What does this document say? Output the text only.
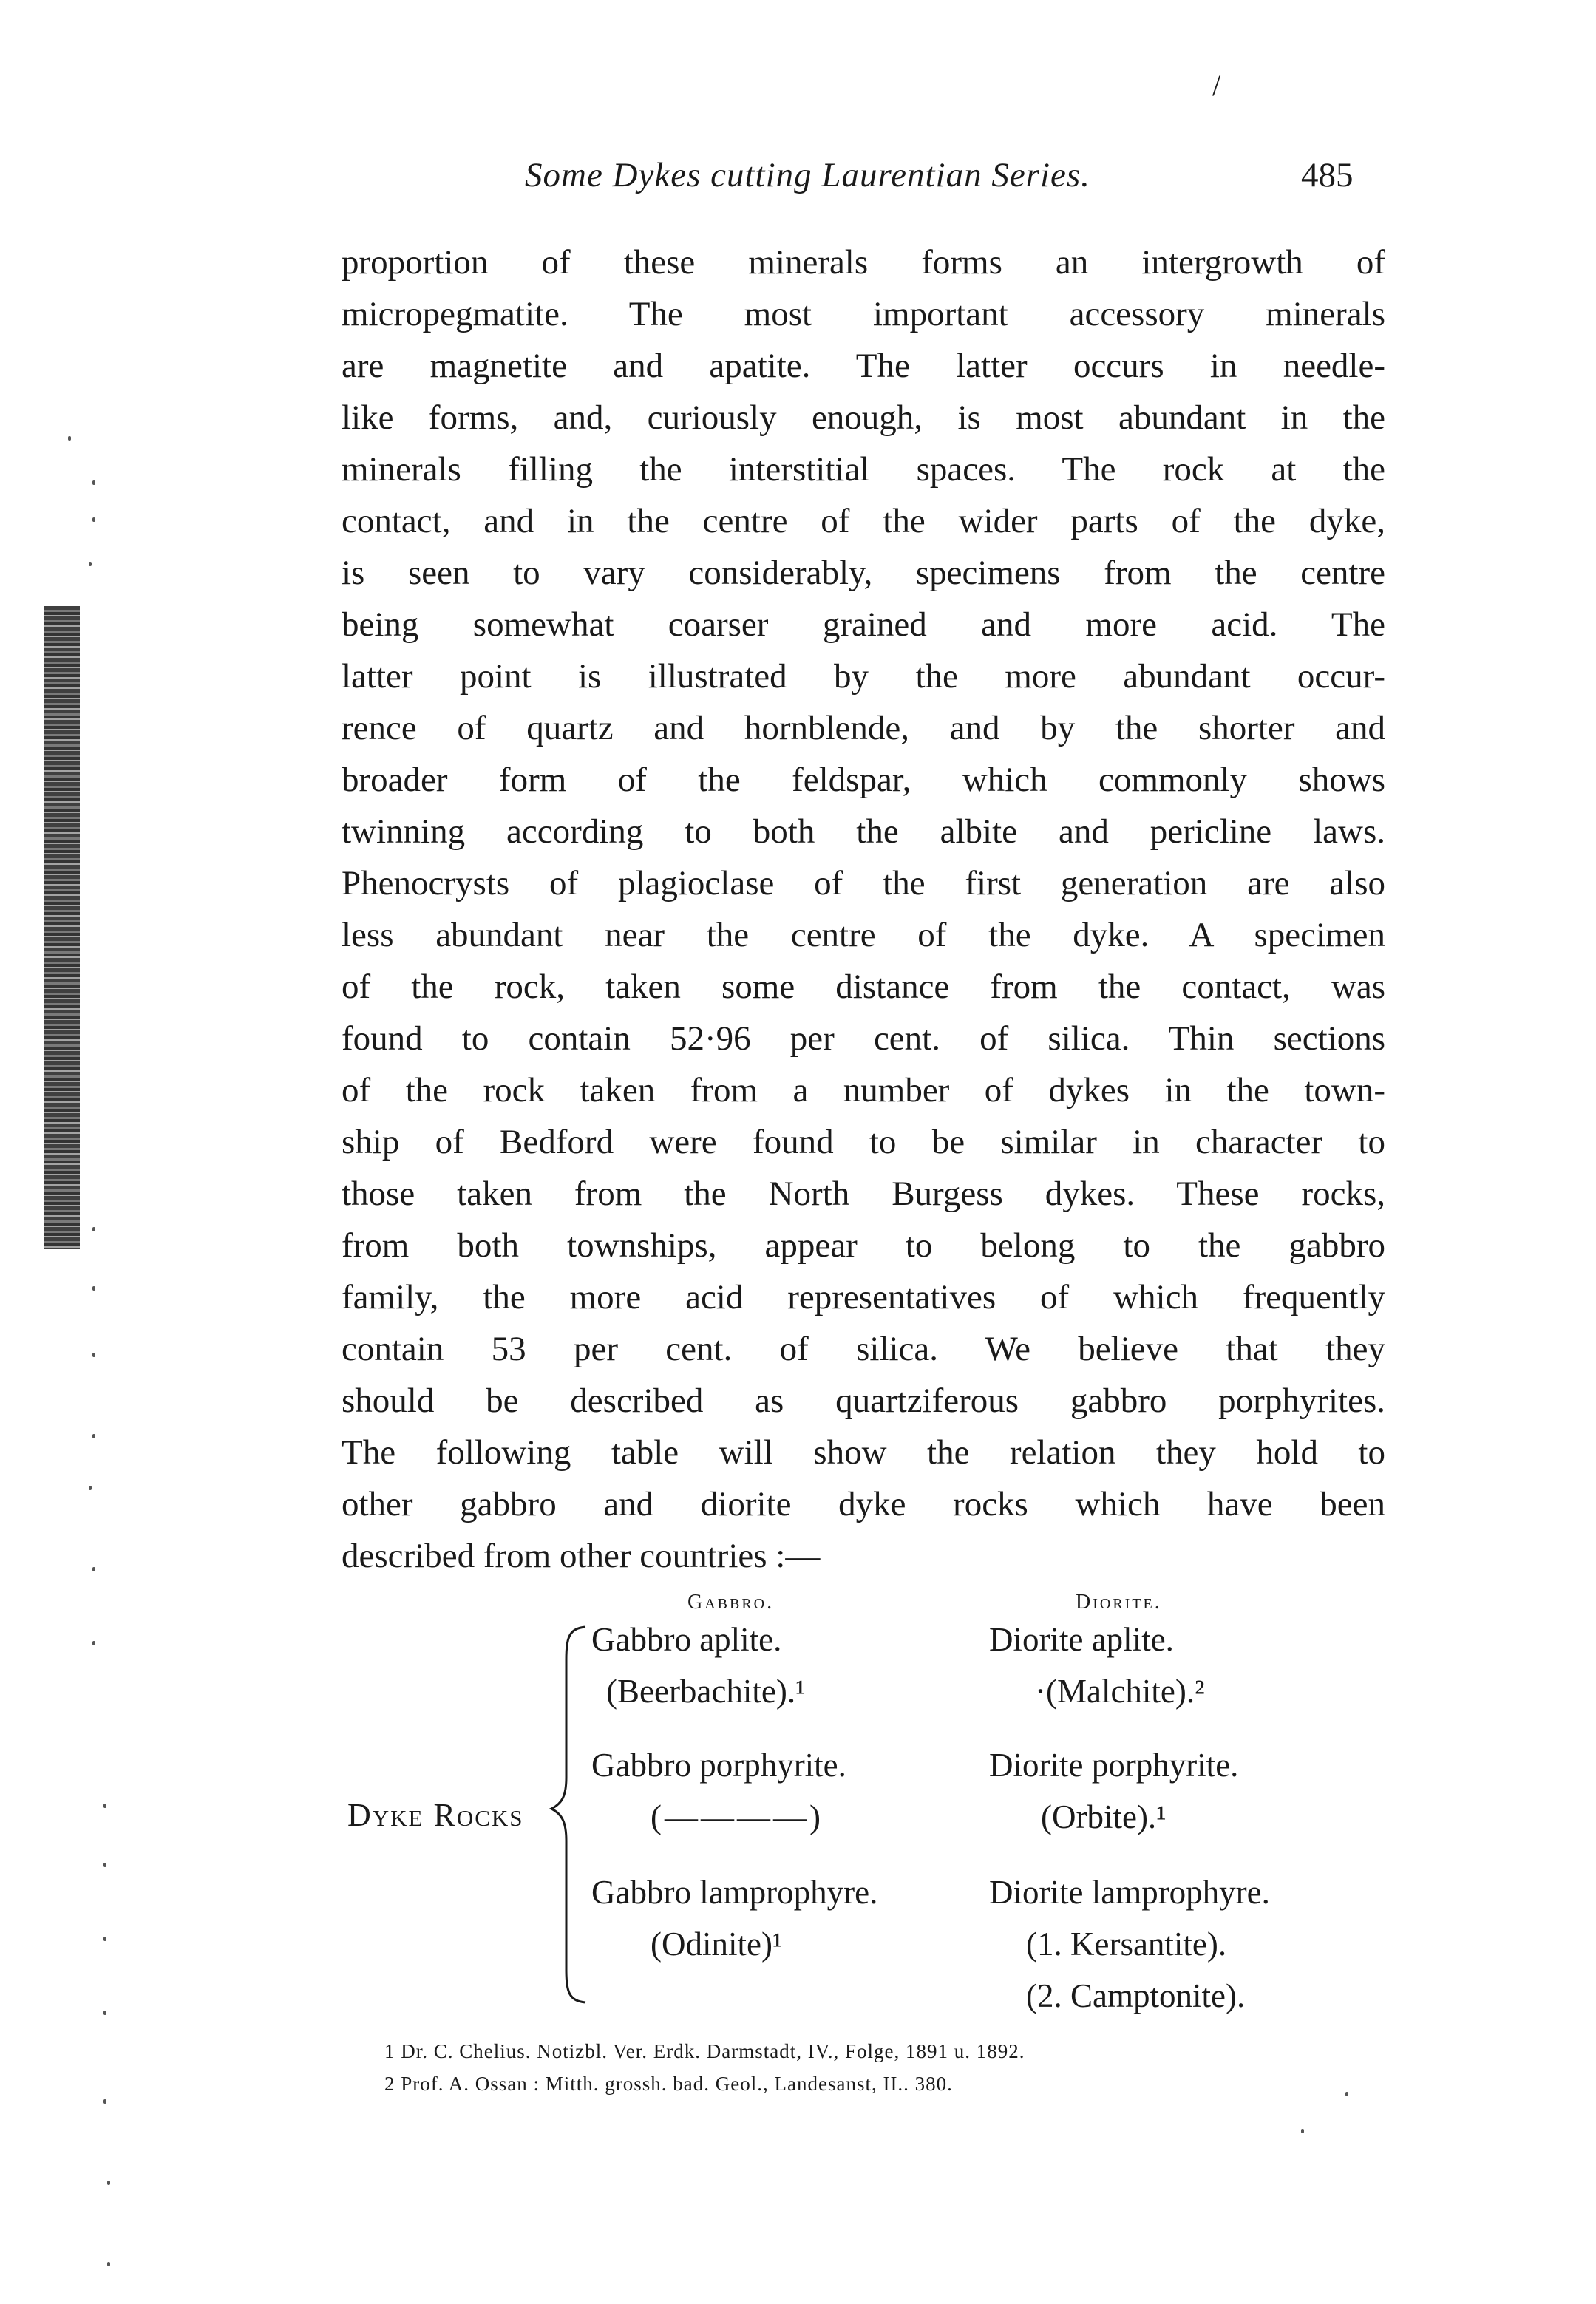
/
Some Dykes cutting Laurentian Series.	485
proportion of these minerals forms an intergrowth of
micropegmatite. The most important accessory minerals
are magnetite and apatite. The latter occurs in needle-
like forms, and, curiously enough, is most abundant in the
minerals filling the interstitial spaces. The rock at the
contact, and in the centre of the wider parts of the dyke,
is seen to vary considerably, specimens from the centre
being somewhat coarser grained and more acid. The
latter point is illustrated by the more abundant occur-
rence of quartz and hornblende, and by the shorter and
broader form of the feldspar, which commonly shows
twinning according to both the albite and pericline laws.
Phenocrysts of plagioclase of the first generation are also
less abundant near the centre of the dyke. A specimen
of the rock, taken some distance from the contact, was
found to contain 52·96 per cent. of silica. Thin sections
of the rock taken from a number of dykes in the town-
ship of Bedford were found to be similar in character to
those taken from the North Burgess dykes. These rocks,
from both townships, appear to belong to the gabbro
family, the more acid representatives of which frequently
contain 53 per cent. of silica. We believe that they
should be described as quartziferous gabbro porphyrites.
The following table will show the relation they hold to
other gabbro and diorite dyke rocks which have been
described from other countries :—
Gabbro.	Diorite.
Dyke Rocks
Gabbro aplite.
(Beerbachite).¹
Gabbro porphyrite.
(————)
Gabbro lamprophyre.
(Odinite)¹
Diorite aplite.
·(Malchite).²
Diorite porphyrite.
(Orbite).¹
Diorite lamprophyre.
(1. Kersantite).
(2. Camptonite).
1 Dr. C. Chelius. Notizbl. Ver. Erdk. Darmstadt, IV., Folge, 1891 u. 1892.
2 Prof. A. Ossan : Mitth. grossh. bad. Geol., Landesanst, II.. 380.
